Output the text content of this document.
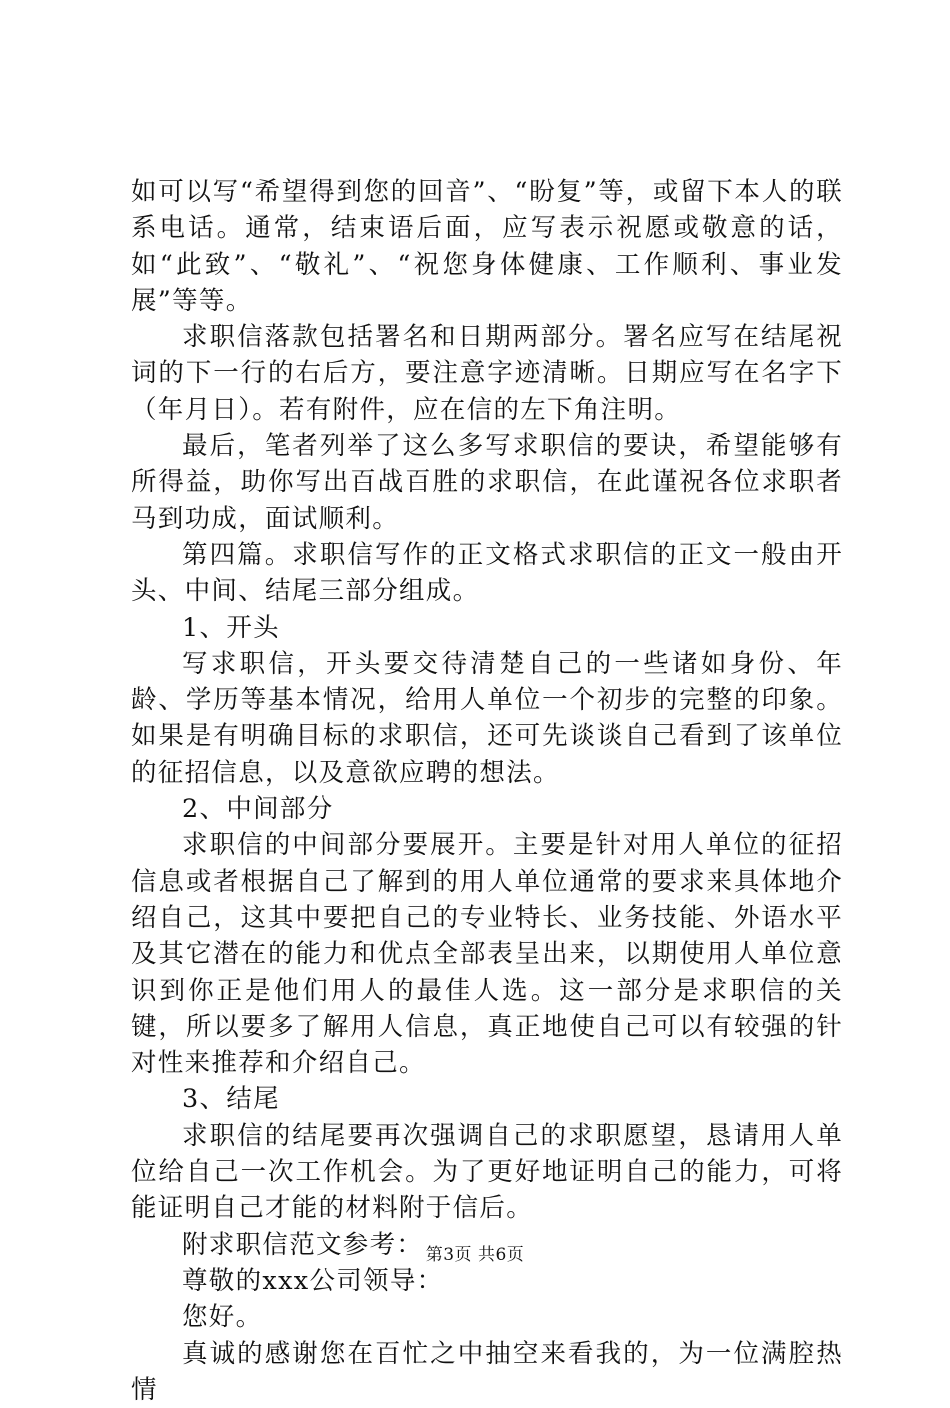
如可以写“希望得到您的回音”、“盼复”等，或留下本人的联系电话。通常，结束语后面，应写表示祝愿或敬意的话，如“此致”、“敬礼”、“祝您身体健康、工作顺利、事业发展”等等。

求职信落款包括署名和日期两部分。署名应写在结尾祝词的下一行的右后方，要注意字迹清晰。日期应写在名字下（年月日）。若有附件，应在信的左下角注明。

最后，笔者列举了这么多写求职信的要诀，希望能够有所得益，助你写出百战百胜的求职信，在此谨祝各位求职者马到功成，面试顺利。

第四篇。求职信写作的正文格式求职信的正文一般由开头、中间、结尾三部分组成。

1、开头

写求职信，开头要交待清楚自己的一些诸如身份、年龄、学历等基本情况，给用人单位一个初步的完整的印象。如果是有明确目标的求职信，还可先谈谈自己看到了该单位的征招信息，以及意欲应聘的想法。

2、中间部分

求职信的中间部分要展开。主要是针对用人单位的征招信息或者根据自己了解到的用人单位通常的要求来具体地介绍自己，这其中要把自己的专业特长、业务技能、外语水平及其它潜在的能力和优点全部表呈出来，以期使用人单位意识到你正是他们用人的最佳人选。这一部分是求职信的关键，所以要多了解用人信息，真正地使自己可以有较强的针对性来推荐和介绍自己。

3、结尾

求职信的结尾要再次强调自己的求职愿望，恳请用人单位给自己一次工作机会。为了更好地证明自己的能力，可将能证明自己才能的材料附于信后。

附求职信范文参考：

尊敬的xxx公司领导：

您好。

真诚的感谢您在百忙之中抽空来看我的，为一位满腔热情

第3页 共6页
